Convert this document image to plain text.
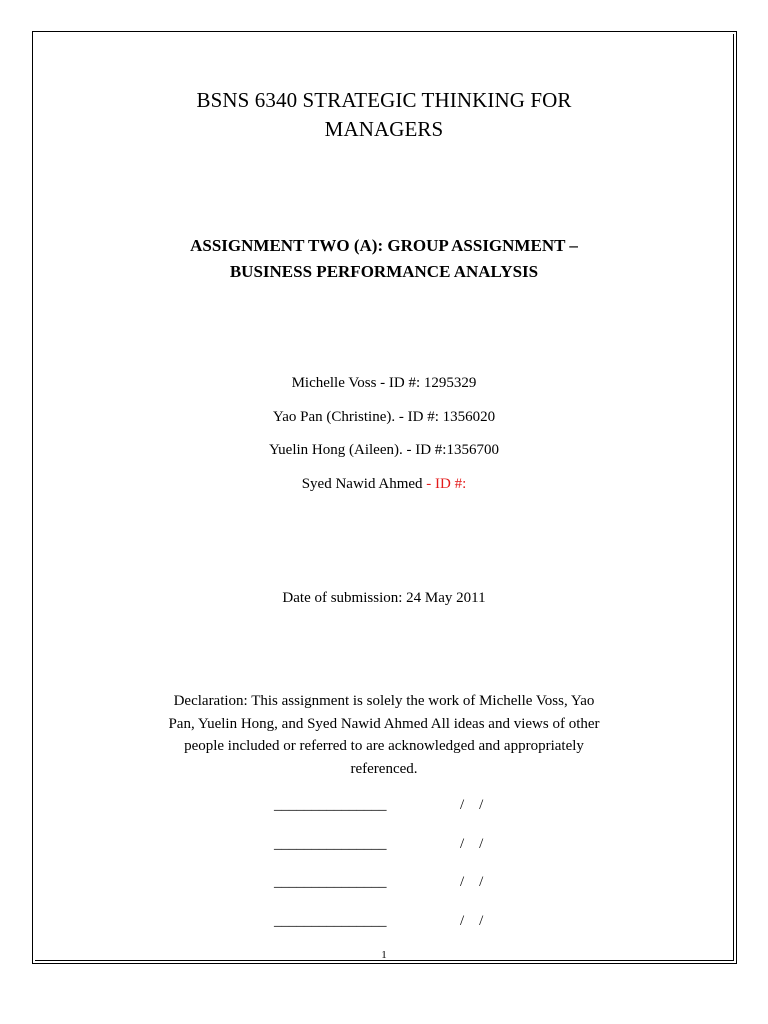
BSNS 6340 STRATEGIC THINKING FOR
MANAGERS
ASSIGNMENT TWO (A): GROUP ASSIGNMENT –
BUSINESS PERFORMANCE ANALYSIS
Michelle Voss - ID #: 1295329
Yao Pan (Christine). - ID #: 1356020
Yuelin Hong (Aileen). - ID #:1356700
Syed Nawid Ahmed - ID #:
Date of submission: 24 May 2011
Declaration: This assignment is solely the work of Michelle Voss, Yao
Pan, Yuelin Hong, and Syed Nawid Ahmed All ideas and views of other
people included or referred to are acknowledged and appropriately
referenced.
_______________	/    /
_______________	/    /
_______________	/    /
_______________	/    /
1
